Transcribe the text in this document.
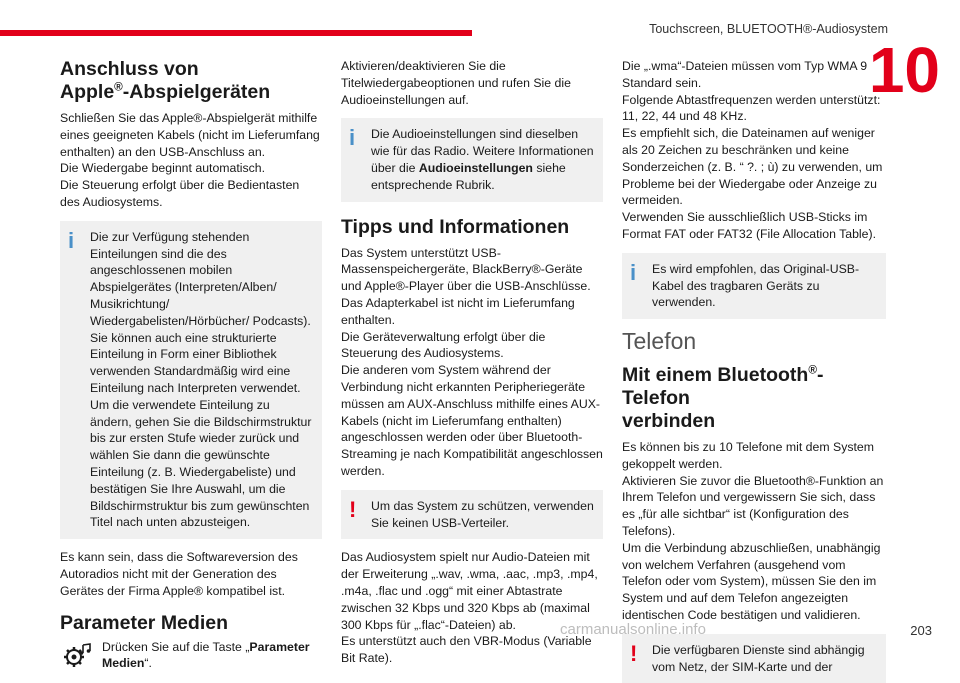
Touchscreen, BLUETOOTH®-Audiosystem
10
Anschluss von
Apple®-Abspielgeräten

Schließen Sie das Apple®-Abspielgerät mithilfe eines geeigneten Kabels (nicht im Lieferumfang enthalten) an den USB-Anschluss an.

Die Wiedergabe beginnt automatisch.

Die Steuerung erfolgt über die Bedientasten des Audiosystems.

i Die zur Verfügung stehenden Einteilungen sind die des angeschlossenen mobilen Abspielgerätes (Interpreten/Alben/ Musikrichtung/ Wiedergabelisten/Hörbücher/ Podcasts). Sie können auch eine strukturierte Einteilung in Form einer Bibliothek verwenden Standardmäßig wird eine Einteilung nach Interpreten verwendet. Um die verwendete Einteilung zu ändern, gehen Sie die Bildschirmstruktur bis zur ersten Stufe wieder zurück und wählen Sie dann die gewünschte Einteilung (z. B. Wiedergabeliste) und bestätigen Sie Ihre Auswahl, um die Bildschirmstruktur bis zum gewünschten Titel nach unten abzusteigen.

Es kann sein, dass die Softwareversion des Autoradios nicht mit der Generation des Gerätes der Firma Apple® kompatibel ist.

Parameter Medien

Drücken Sie auf die Taste „Parameter Medien“.

Aktivieren/deaktivieren Sie die Titelwiedergabeoptionen und rufen Sie die Audioeinstellungen auf.

i Die Audioeinstellungen sind dieselben wie für das Radio. Weitere Informationen über die Audioeinstellungen siehe entsprechende Rubrik.

Tipps und Informationen

Das System unterstützt USB-Massenspeichergeräte, BlackBerry®-Geräte und Apple®-Player über die USB-Anschlüsse. Das Adapterkabel ist nicht im Lieferumfang enthalten.

Die Geräteverwaltung erfolgt über die Steuerung des Audiosystems.

Die anderen vom System während der Verbindung nicht erkannten Peripheriegeräte müssen am AUX-Anschluss mithilfe eines AUX-Kabels (nicht im Lieferumfang enthalten) angeschlossen werden oder über Bluetooth-Streaming je nach Kompatibilität angeschlossen werden.

! Um das System zu schützen, verwenden Sie keinen USB-Verteiler.

Das Audiosystem spielt nur Audio-Dateien mit der Erweiterung „.wav, .wma, .aac, .mp3, .mp4, .m4a, .flac und .ogg“ mit einer Abtastrate zwischen 32 Kbps und 320 Kbps ab (maximal 300 Kbps für „.flac“-Dateien) ab.

Es unterstützt auch den VBR-Modus (Variable Bit Rate).

Die „.wma“-Dateien müssen vom Typ WMA 9 Standard sein.

Folgende Abtastfrequenzen werden unterstützt: 11, 22, 44 und 48 KHz.

Es empfiehlt sich, die Dateinamen auf weniger als 20 Zeichen zu beschränken und keine Sonderzeichen (z. B. “ ?. ; ù) zu verwenden, um Probleme bei der Wiedergabe oder Anzeige zu vermeiden.

Verwenden Sie ausschließlich USB-Sticks im Format FAT oder FAT32 (File Allocation Table).

i Es wird empfohlen, das Original-USB-Kabel des tragbaren Geräts zu verwenden.

Telefon
Mit einem Bluetooth®-Telefon
verbinden

Es können bis zu 10 Telefone mit dem System gekoppelt werden.

Aktivieren Sie zuvor die Bluetooth®-Funktion an Ihrem Telefon und vergewissern Sie sich, dass es „für alle sichtbar“ ist (Konfiguration des Telefons).

Um die Verbindung abzuschließen, unabhängig von welchem Verfahren (ausgehend vom Telefon oder vom System), müssen Sie den im System und auf dem Telefon angezeigten identischen Code bestätigen und validieren.

! Die verfügbaren Dienste sind abhängig vom Netz, der SIM-Karte und der

carmanualsonline.info	203
